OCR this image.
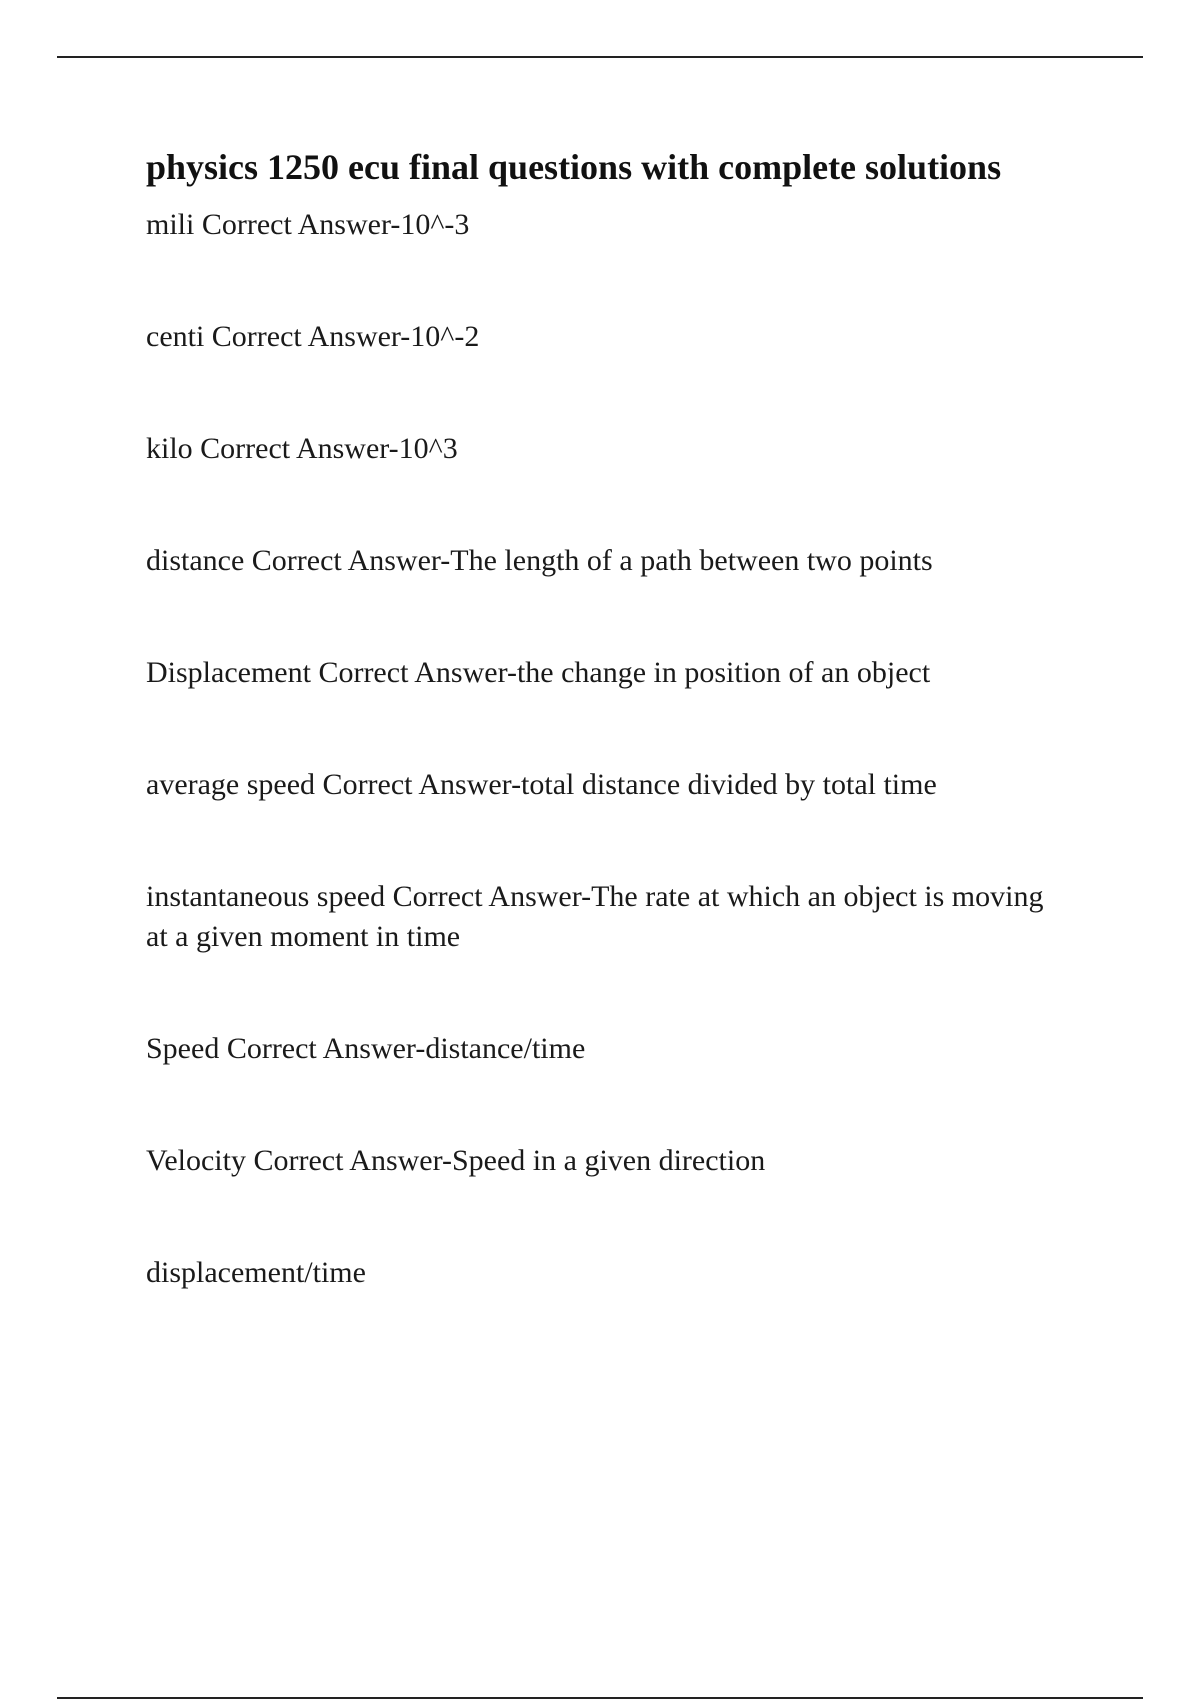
physics 1250 ecu final questions with complete solutions

mili Correct Answer-10^-3

centi Correct Answer-10^-2

kilo Correct Answer-10^3

distance Correct Answer-The length of a path between two points

Displacement Correct Answer-the change in position of an object

average speed Correct Answer-total distance divided by total time

instantaneous speed Correct Answer-The rate at which an object is moving at a given moment in time

Speed Correct Answer-distance/time

Velocity Correct Answer-Speed in a given direction

displacement/time
